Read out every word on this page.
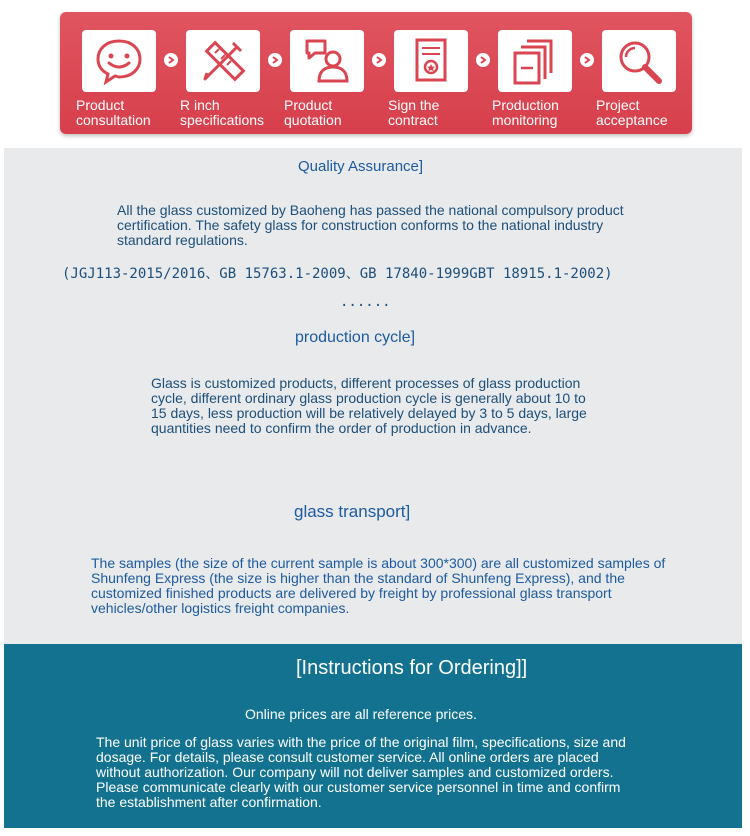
Product
consultation
R inch
specifications
Product
quotation
Sign the
contract
Production
monitoring
Project
acceptance
Quality Assurance]
All the glass customized by Baoheng has passed the national compulsory product certification. The safety glass for construction conforms to the national industry standard regulations.
(JGJ113-2015/2016、GB 15763.1-2009、GB 17840-1999GBT 18915.1-2002)
......
production cycle]
Glass is customized products, different processes of glass production cycle, different ordinary glass production cycle is generally about 10 to 15 days, less production will be relatively delayed by 3 to 5 days, large quantities need to confirm the order of production in advance.
glass transport]
The samples (the size of the current sample is about 300*300) are all customized samples of Shunfeng Express (the size is higher than the standard of Shunfeng Express), and the customized finished products are delivered by freight by professional glass transport vehicles/other logistics freight companies.
[Instructions for Ordering]]
Online prices are all reference prices.
The unit price of glass varies with the price of the original film, specifications, size and dosage. For details, please consult customer service. All online orders are placed without authorization. Our company will not deliver samples and customized orders. Please communicate clearly with our customer service personnel in time and confirm the establishment after confirmation.
